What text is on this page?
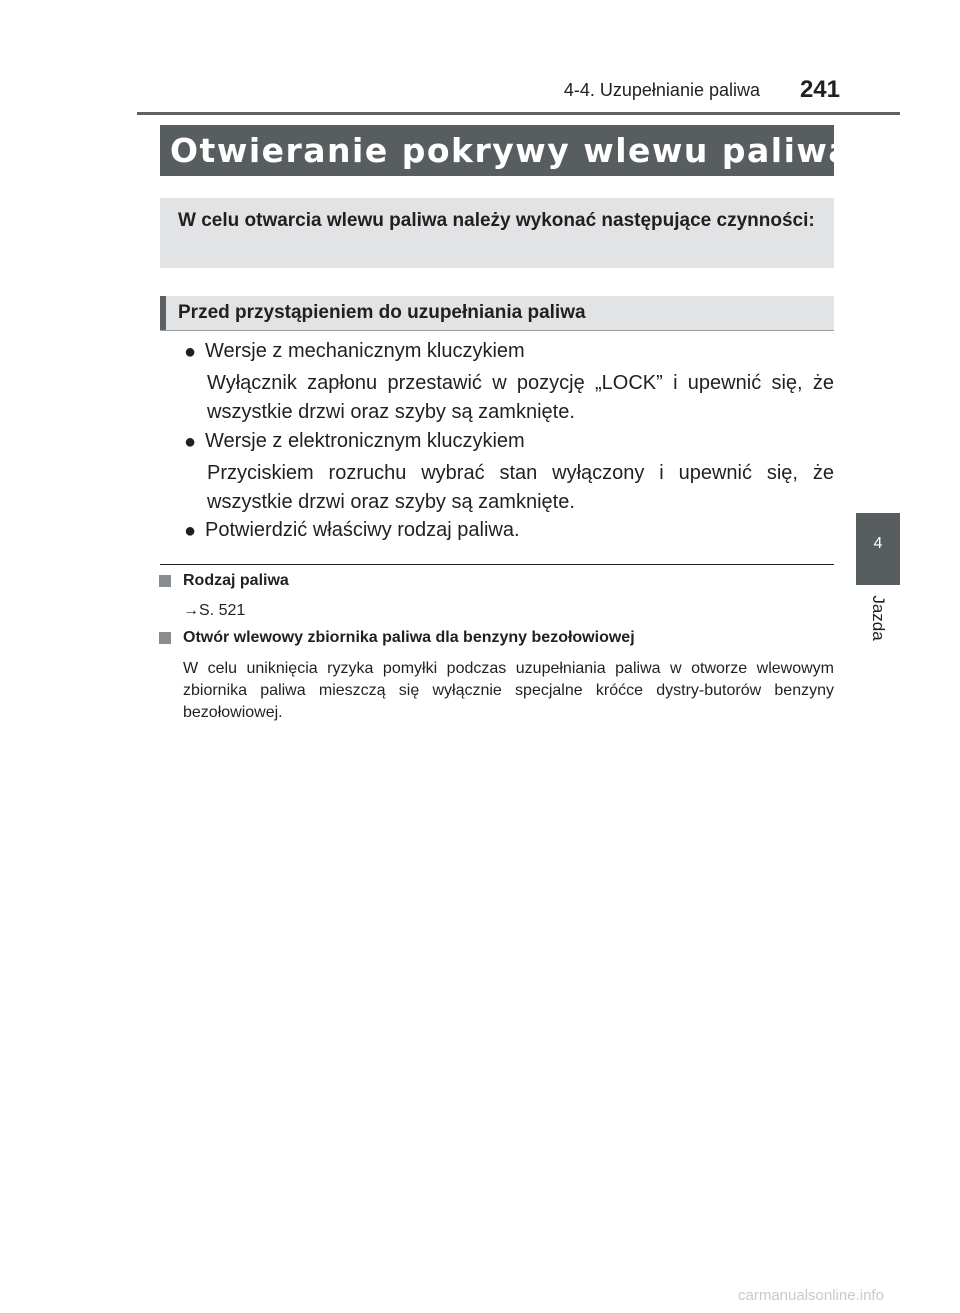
4-4. Uzupełnianie paliwa	241
Otwieranie pokrywy wlewu paliwa
W celu otwarcia wlewu paliwa należy wykonać następujące czynności:
Przed przystąpieniem do uzupełniania paliwa
● Wersje z mechanicznym kluczykiem
Wyłącznik zapłonu przestawić w pozycję „LOCK” i upewnić się, że wszystkie drzwi oraz szyby są zamknięte.
● Wersje z elektronicznym kluczykiem
Przyciskiem rozruchu wybrać stan wyłączony i upewnić się, że wszystkie drzwi oraz szyby są zamknięte.
● Potwierdzić właściwy rodzaj paliwa.
Rodzaj paliwa
→S. 521
Otwór wlewowy zbiornika paliwa dla benzyny bezołowiowej
W celu uniknięcia ryzyka pomyłki podczas uzupełniania paliwa w otworze wlewowym zbiornika paliwa mieszczą się wyłącznie specjalne króćce dystry-butorów benzyny bezołowiowej.
4
Jazda
carmanualsonline.info
